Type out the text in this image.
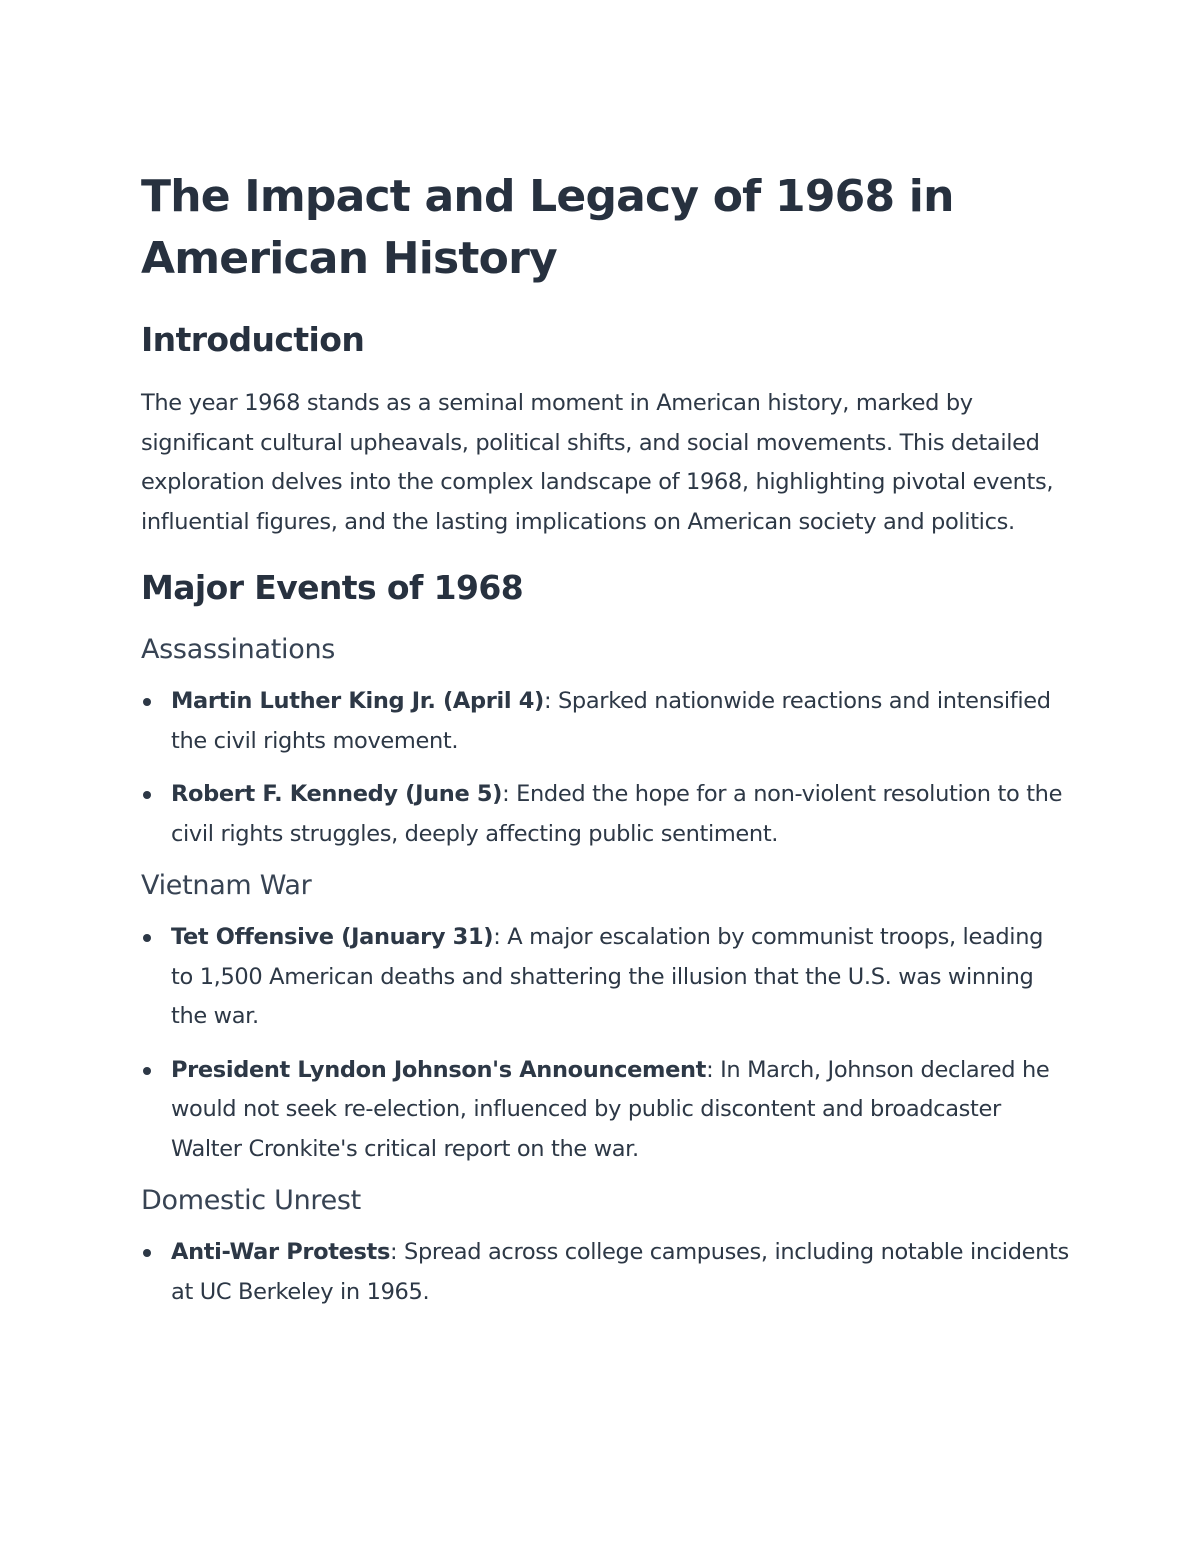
The Impact and Legacy of 1968 in American History
Introduction

The year 1968 stands as a seminal moment in American history, marked by significant cultural upheavals, political shifts, and social movements. This detailed exploration delves into the complex landscape of 1968, highlighting pivotal events, influential figures, and the lasting implications on American society and politics.

Major Events of 1968
Assassinations
Martin Luther King Jr. (April 4): Sparked nationwide reactions and intensified the civil rights movement.
Robert F. Kennedy (June 5): Ended the hope for a non-violent resolution to the civil rights struggles, deeply affecting public sentiment.
Vietnam War
Tet Offensive (January 31): A major escalation by communist troops, leading to 1,500 American deaths and shattering the illusion that the U.S. was winning the war.
President Lyndon Johnson's Announcement: In March, Johnson declared he would not seek re-election, influenced by public discontent and broadcaster Walter Cronkite's critical report on the war.
Domestic Unrest
Anti-War Protests: Spread across college campuses, including notable incidents at UC Berkeley in 1965.
